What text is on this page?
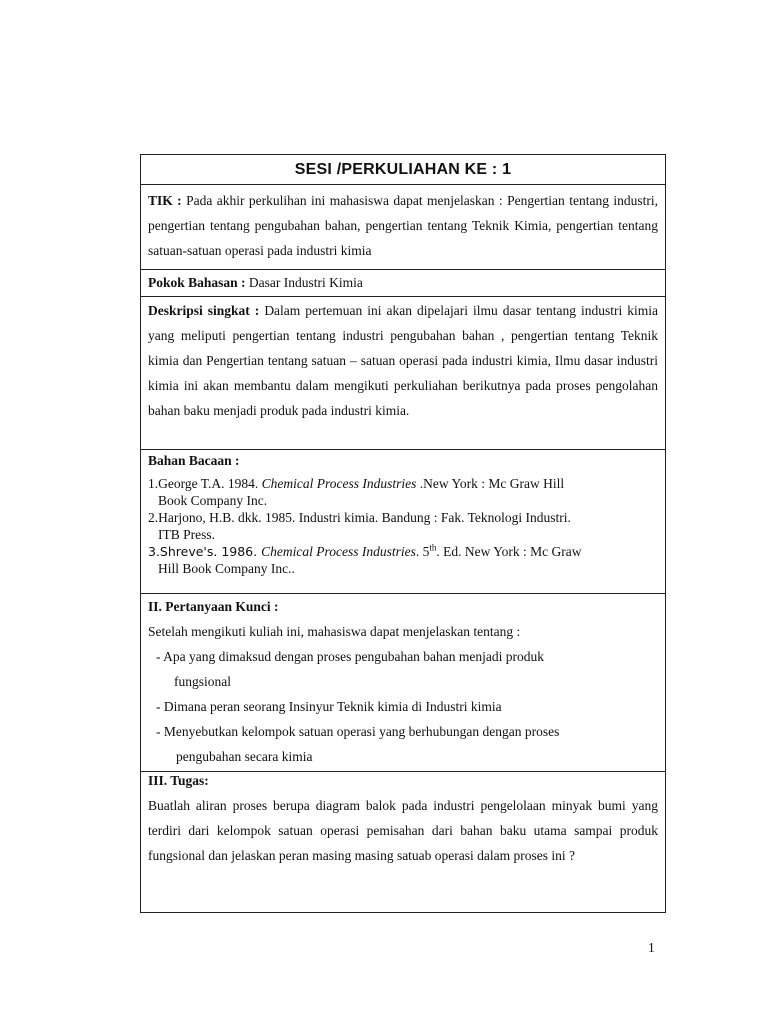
SESI /PERKULIAHAN KE : 1
TIK : Pada akhir perkulihan ini mahasiswa dapat menjelaskan : Pengertian tentang industri, pengertian tentang pengubahan bahan, pengertian tentang Teknik Kimia, pengertian tentang satuan-satuan operasi pada industri kimia
Pokok Bahasan : Dasar Industri Kimia
Deskripsi singkat : Dalam pertemuan ini akan dipelajari ilmu dasar tentang industri kimia yang meliputi pengertian tentang industri pengubahan bahan , pengertian tentang Teknik kimia dan Pengertian tentang satuan – satuan operasi pada industri kimia, Ilmu dasar industri kimia ini akan membantu dalam mengikuti perkuliahan berikutnya pada proses pengolahan bahan baku menjadi produk pada industri kimia.
Bahan Bacaan :
1.George T.A. 1984. Chemical Process Industries .New York : Mc Graw Hill
Book Company Inc.
2.Harjono, H.B. dkk. 1985. Industri kimia. Bandung : Fak. Teknologi Industri.
ITB Press.
3.Shreve's. 1986. Chemical Process Industries. 5th. Ed. New York : Mc Graw
Hill Book Company Inc..
II. Pertanyaan Kunci :
Setelah mengikuti kuliah ini, mahasiswa dapat menjelaskan tentang :
- Apa yang dimaksud dengan proses pengubahan bahan menjadi produk
fungsional
- Dimana peran seorang Insinyur Teknik kimia di Industri kimia
- Menyebutkan kelompok satuan operasi yang berhubungan dengan proses
pengubahan secara kimia
III. Tugas:
Buatlah aliran proses berupa diagram balok pada industri pengelolaan minyak bumi yang terdiri dari kelompok satuan operasi pemisahan dari bahan baku utama sampai produk fungsional dan jelaskan peran masing masing satuab operasi dalam proses ini ?
1
